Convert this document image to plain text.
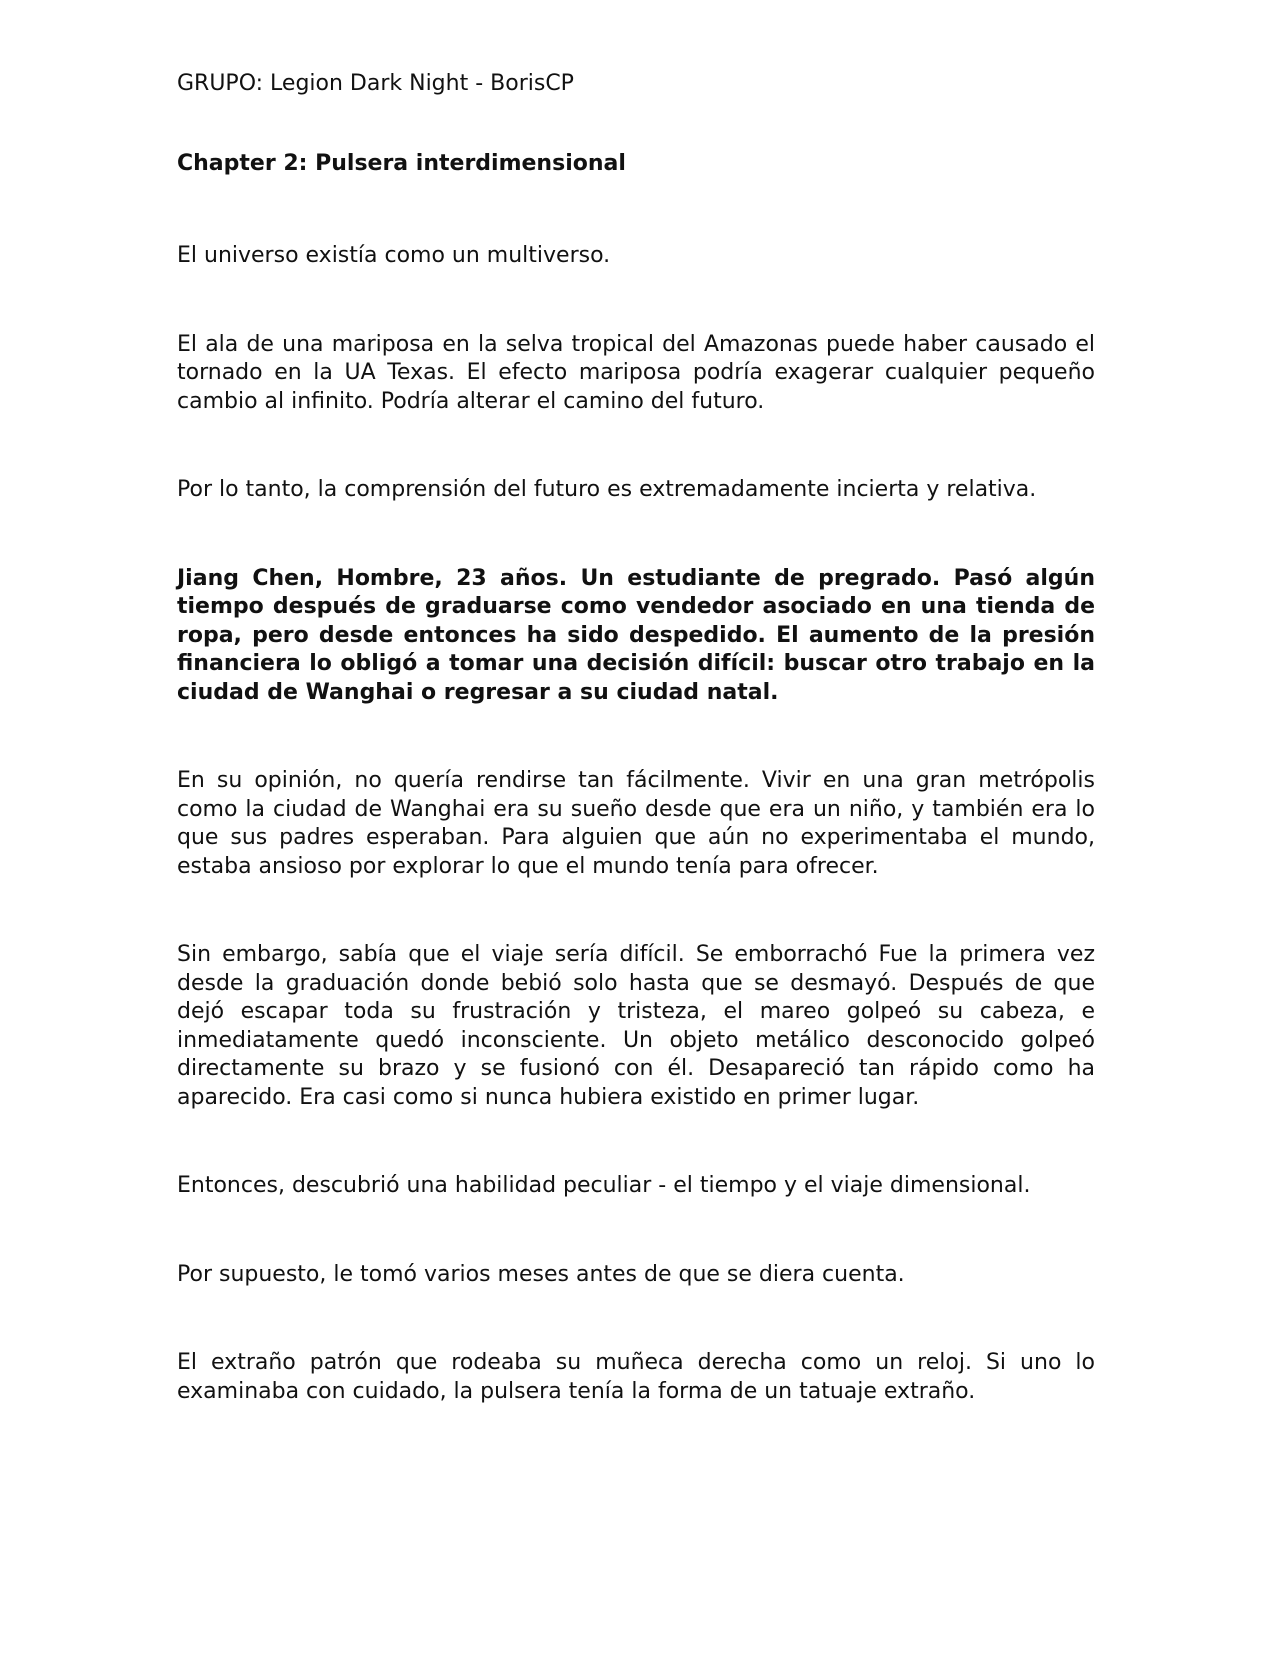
GRUPO: Legion Dark Night - BorisCP

Chapter 2: Pulsera interdimensional

El universo existía como un multiverso.

El ala de una mariposa en la selva tropical del Amazonas puede haber causado el tornado en la UA Texas. El efecto mariposa podría exagerar cualquier pequeño cambio al infinito. Podría alterar el camino del futuro.

Por lo tanto, la comprensión del futuro es extremadamente incierta y relativa.

Jiang Chen, Hombre, 23 años. Un estudiante de pregrado. Pasó algún tiempo después de graduarse como vendedor asociado en una tienda de ropa, pero desde entonces ha sido despedido. El aumento de la presión financiera lo obligó a tomar una decisión difícil: buscar otro trabajo en la ciudad de Wanghai o regresar a su ciudad natal.

En su opinión, no quería rendirse tan fácilmente. Vivir en una gran metrópolis como la ciudad de Wanghai era su sueño desde que era un niño, y también era lo que sus padres esperaban. Para alguien que aún no experimentaba el mundo, estaba ansioso por explorar lo que el mundo tenía para ofrecer.

Sin embargo, sabía que el viaje sería difícil. Se emborrachó Fue la primera vez desde la graduación donde bebió solo hasta que se desmayó. Después de que dejó escapar toda su frustración y tristeza, el mareo golpeó su cabeza, e inmediatamente quedó inconsciente. Un objeto metálico desconocido golpeó directamente su brazo y se fusionó con él. Desapareció tan rápido como ha aparecido. Era casi como si nunca hubiera existido en primer lugar.

Entonces, descubrió una habilidad peculiar - el tiempo y el viaje dimensional.

Por supuesto, le tomó varios meses antes de que se diera cuenta.

El extraño patrón que rodeaba su muñeca derecha como un reloj. Si uno lo examinaba con cuidado, la pulsera tenía la forma de un tatuaje extraño.
